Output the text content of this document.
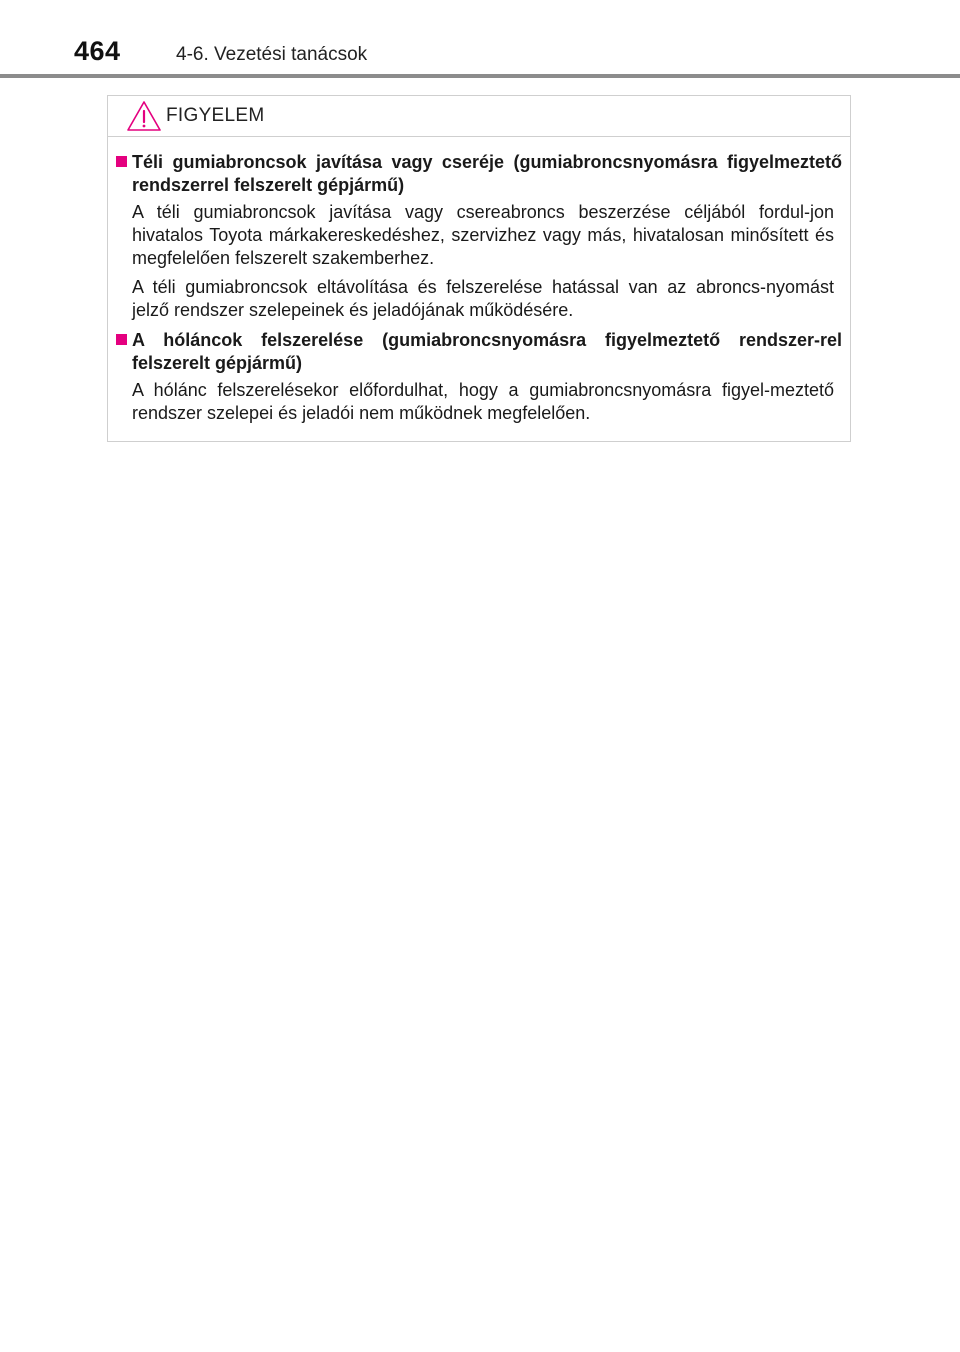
464	4-6. Vezetési tanácsok
FIGYELEM
Téli gumiabroncsok javítása vagy cseréje (gumiabroncsnyomásra figyelmeztető rendszerrel felszerelt gépjármű)
A téli gumiabroncsok javítása vagy csereabroncs beszerzése céljából fordul-jon hivatalos Toyota márkakereskedéshez, szervizhez vagy más, hivatalosan minősített és megfelelően felszerelt szakemberhez.
A téli gumiabroncsok eltávolítása és felszerelése hatással van az abroncs-nyomást jelző rendszer szelepeinek és jeladójának működésére.
A hóláncok felszerelése (gumiabroncsnyomásra figyelmeztető rendszer-rel felszerelt gépjármű)
A hólánc felszerelésekor előfordulhat, hogy a gumiabroncsnyomásra figyel-meztető rendszer szelepei és jeladói nem működnek megfelelően.
